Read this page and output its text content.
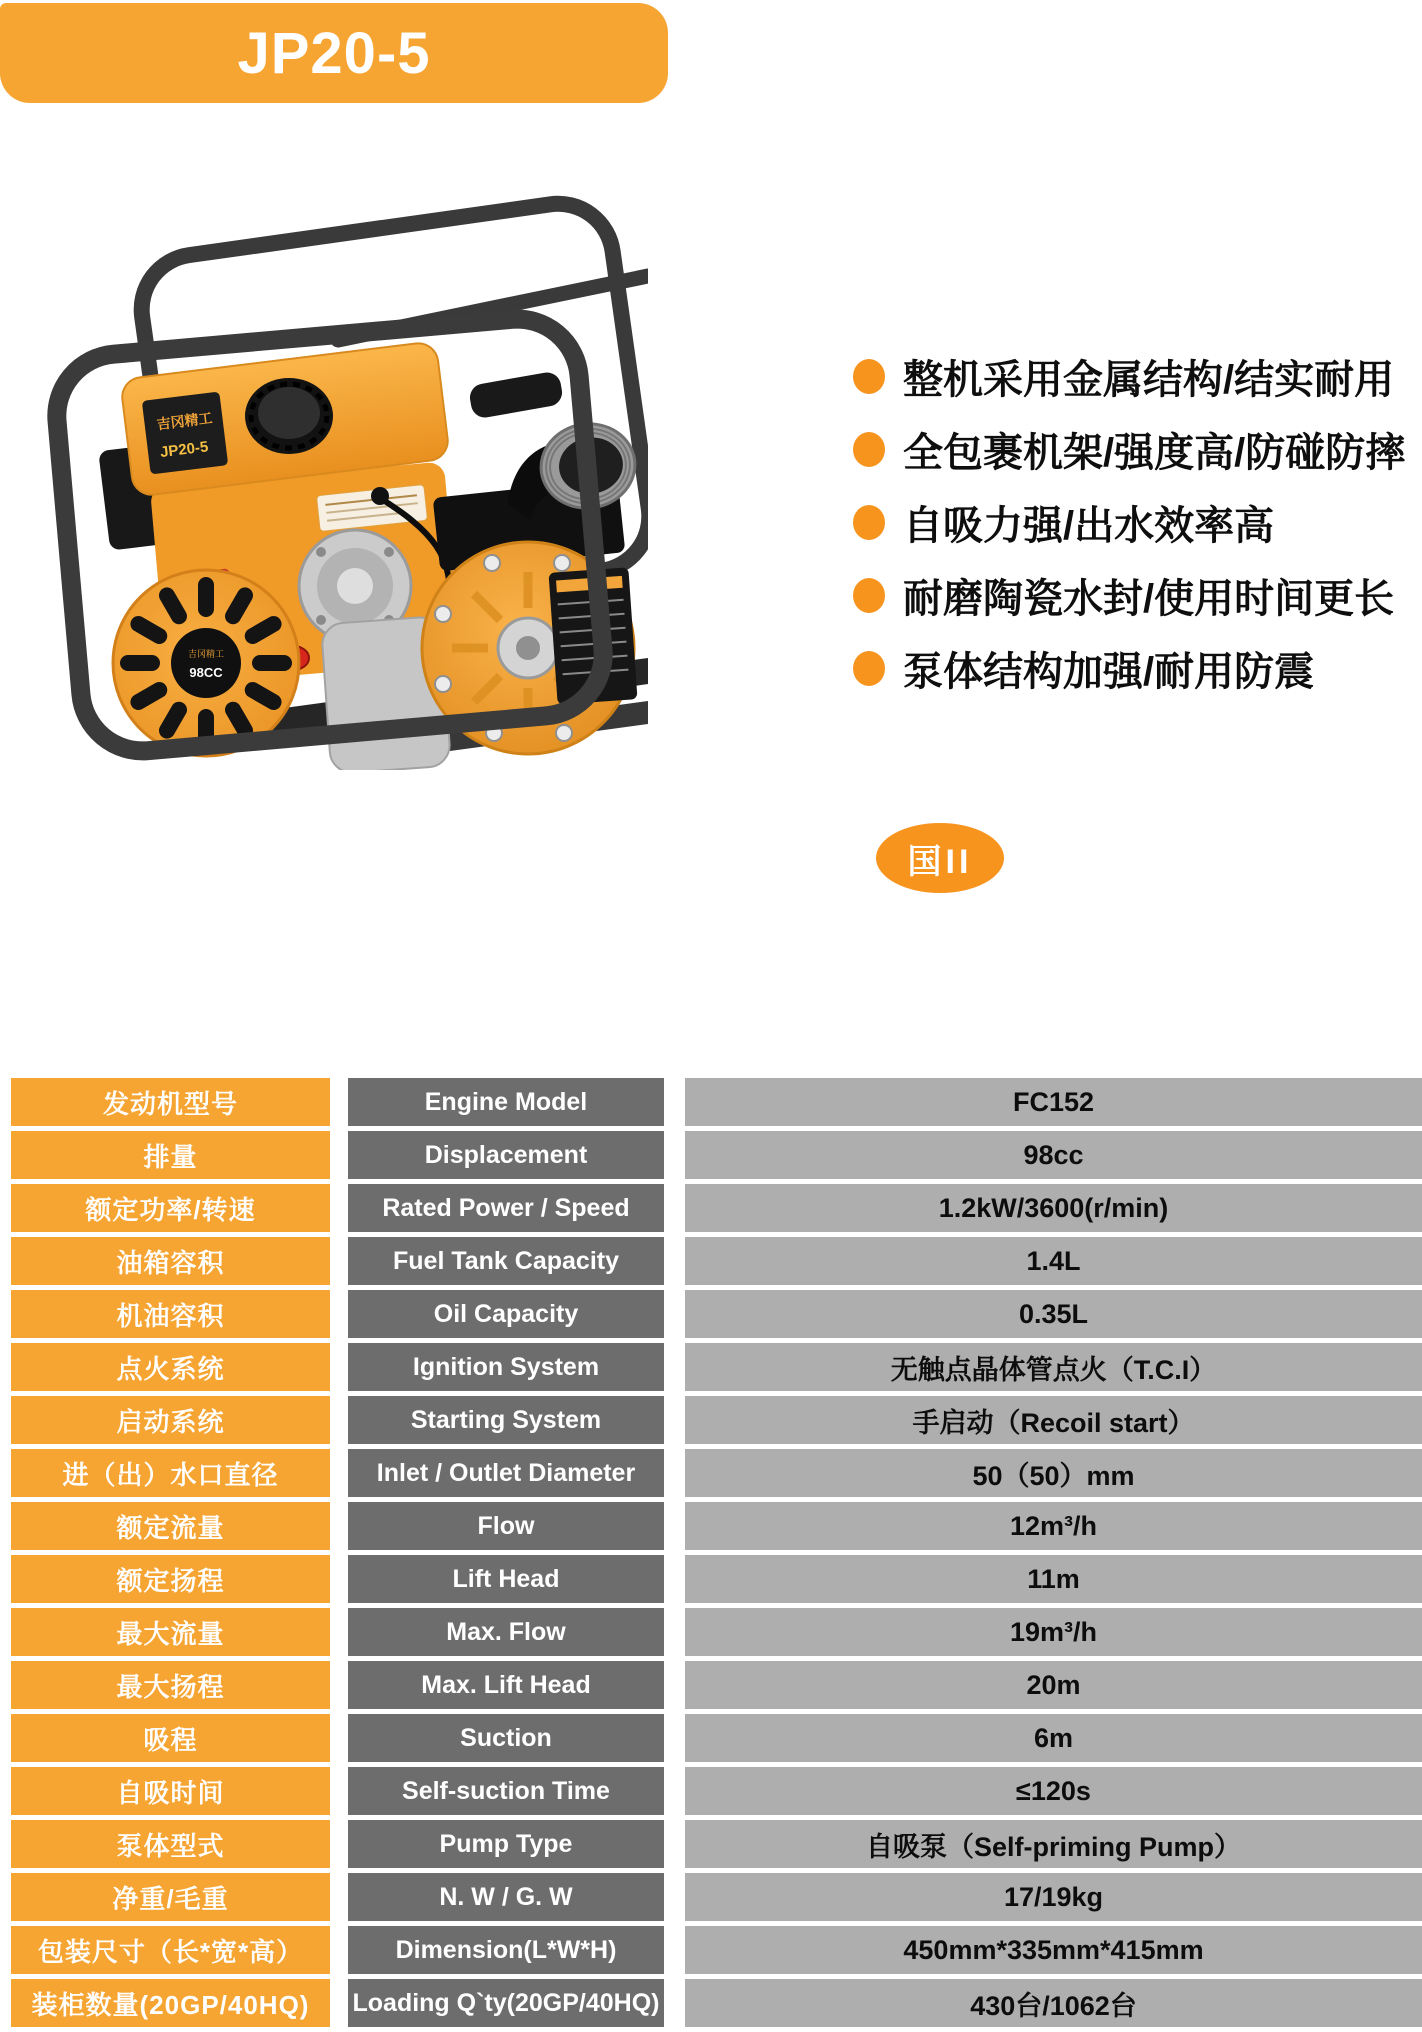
JP20-5
吉冈精工
JP20-5
吉冈精工
98CC
整机采用金属结构/结实耐用
全包裹机架/强度高/防碰防摔
自吸力强/出水效率高
耐磨陶瓷水封/使用时间更长
泵体结构加强/耐用防震
国II
发动机型号	Engine Model	FC152
排量	Displacement	98cc
额定功率/转速	Rated Power / Speed	1.2kW/3600(r/min)
油箱容积	Fuel Tank Capacity	1.4L
机油容积	Oil Capacity	0.35L
点火系统	Ignition System	无触点晶体管点火（T.C.I）
启动系统	Starting System	手启动（Recoil start）
进（出）水口直径	Inlet / Outlet Diameter	50（50）mm
额定流量	Flow	12m³/h
额定扬程	Lift Head	11m
最大流量	Max. Flow	19m³/h
最大扬程	Max. Lift Head	20m
吸程	Suction	6m
自吸时间	Self-suction Time	≤120s
泵体型式	Pump Type	自吸泵（Self-priming Pump）
净重/毛重	N. W / G. W	17/19kg
包装尺寸（长*宽*高）	Dimension(L*W*H)	450mm*335mm*415mm
装柜数量(20GP/40HQ)	Loading Q`ty(20GP/40HQ)	430台/1062台
